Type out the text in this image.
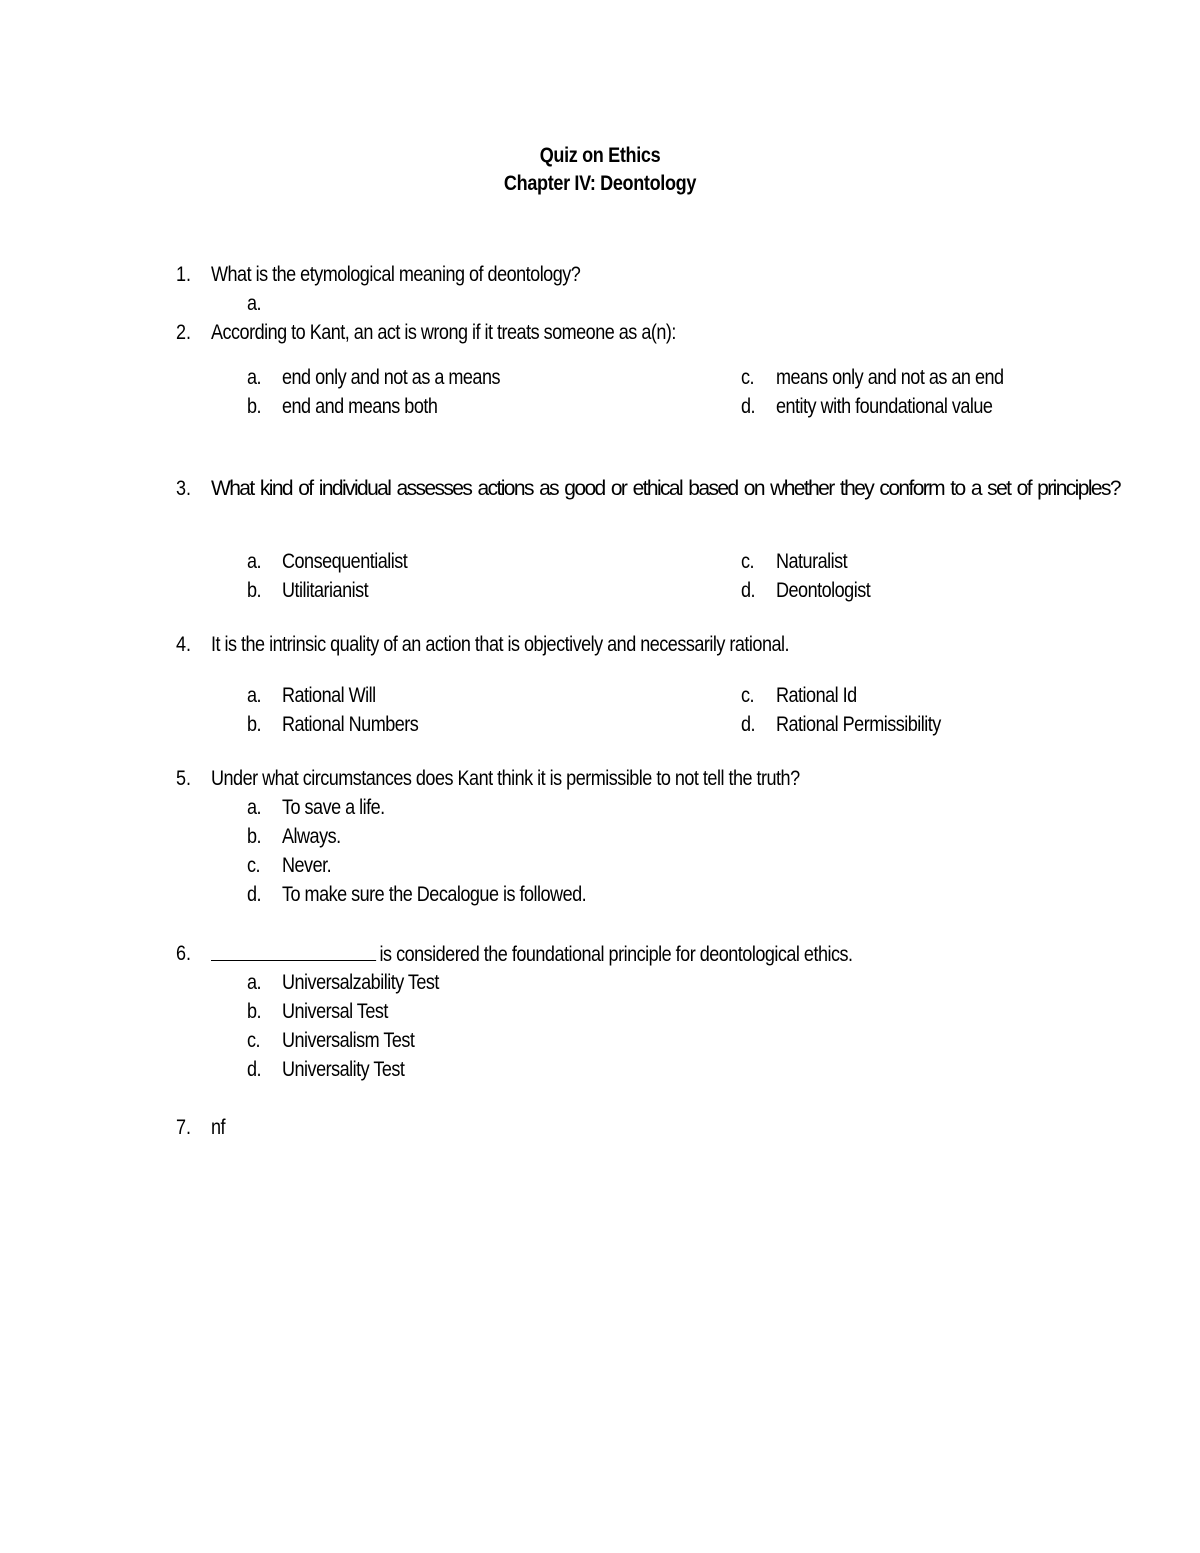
Quiz on Ethics
Chapter IV: Deontology
1. What is the etymological meaning of deontology?
a.
2. According to Kant, an act is wrong if it treats someone as a(n):
a. end only and not as a means
b. end and means both
c. means only and not as an end
d. entity with foundational value
3. What kind of individual assesses actions as good or ethical based on whether they conform to a set of principles?
a. Consequentialist
b. Utilitarianist
c. Naturalist
d. Deontologist
4. It is the intrinsic quality of an action that is objectively and necessarily rational.
a. Rational Will
b. Rational Numbers
c. Rational Id
d. Rational Permissibility
5. Under what circumstances does Kant think it is permissible to not tell the truth?
a. To save a life.
b. Always.
c. Never.
d. To make sure the Decalogue is followed.
6.	is considered the foundational principle for deontological ethics.
a. Universalzability Test
b. Universal Test
c. Universalism Test
d. Universality Test
7. nf
